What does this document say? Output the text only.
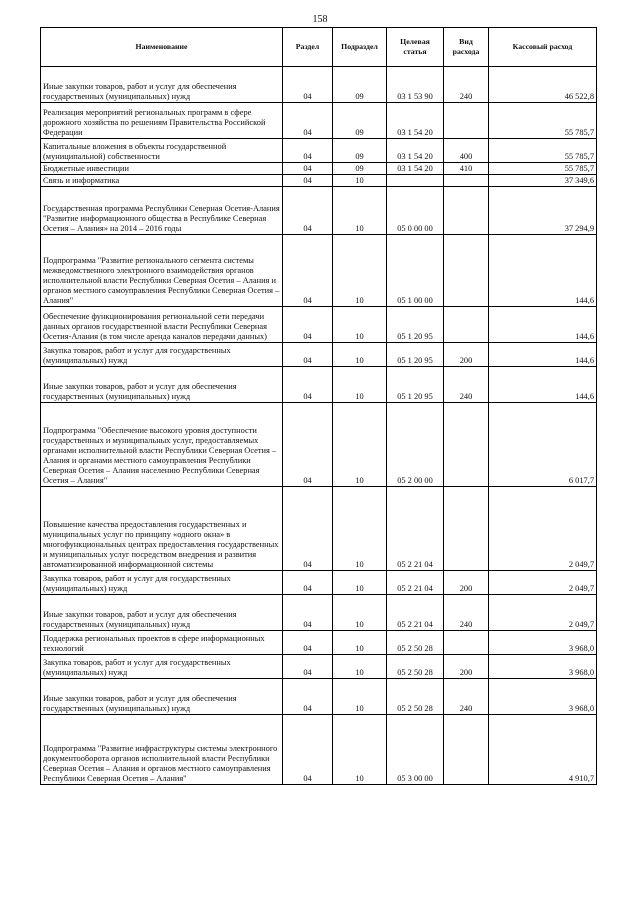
158
Наименование	Раздел	Подраздел	Целевая статья	Вид расхода	Кассовый расход
Иные закупки товаров, работ и услуг для обеспечения государственных (муниципальных) нужд	04	09	03 1 53 90	240	46 522,8
Реализация мероприятий региональных программ в сфере дорожного хозяйства по решениям Правительства Российской Федерации	04	09	03 1 54 20		55 785,7
Капитальные вложения в объекты государственной (муниципальной) собственности	04	09	03 1 54 20	400	55 785,7
Бюджетные инвестиции	04	09	03 1 54 20	410	55 785,7
Связь и информатика	04	10			37 349,6
Государственная программа Республики Северная Осетия-Алания "Развитие информационного общества в Республике Северная Осетия – Алания» на 2014 – 2016 годы	04	10	05 0 00 00		37 294,9
Подпрограмма "Развитие регионального сегмента системы межведомственного электронного взаимодействия органов исполнительной власти Республики Северная Осетия – Алания и органов местного самоуправления Республики Северная Осетия – Алания"	04	10	05 1 00 00		144,6
Обеспечение функционирования региональной сети передачи данных органов государственной власти Республики Северная Осетия-Алания (в том числе аренда каналов передачи данных)	04	10	05 1 20 95		144,6
Закупка товаров, работ и услуг для государственных (муниципальных) нужд	04	10	05 1 20 95	200	144,6
Иные закупки товаров, работ и услуг для обеспечения государственных (муниципальных) нужд	04	10	05 1 20 95	240	144,6
Подпрограмма "Обеспечение высокого уровня доступности государственных и муниципальных услуг, предоставляемых органами исполнительной власти Республики Северная Осетия – Алания и органами местного самоуправления Республики Северная Осетия – Алания населению Республики Северная Осетия – Алания"	04	10	05 2 00 00		6 017,7
Повышение качества предоставления государственных и муниципальных услуг по принципу «одного окна» в многофункциональных центрах предоставления государственных и муниципальных услуг посредством внедрения и развития автоматизированной информационной системы	04	10	05 2 21 04		2 049,7
Закупка товаров, работ и услуг для государственных (муниципальных) нужд	04	10	05 2 21 04	200	2 049,7
Иные закупки товаров, работ и услуг для обеспечения государственных (муниципальных) нужд	04	10	05 2 21 04	240	2 049,7
Поддержка региональных проектов в сфере информационных технологий	04	10	05 2 50 28		3 968,0
Закупка товаров, работ и услуг для государственных (муниципальных) нужд	04	10	05 2 50 28	200	3 968,0
Иные закупки товаров, работ и услуг для обеспечения государственных (муниципальных) нужд	04	10	05 2 50 28	240	3 968,0
Подпрограмма "Развитие инфраструктуры системы электронного документооборота органов исполнительной власти Республики Северная Осетия – Алания и органов местного самоуправления Республики Северная Осетия – Алания"	04	10	05 3 00 00		4 910,7
